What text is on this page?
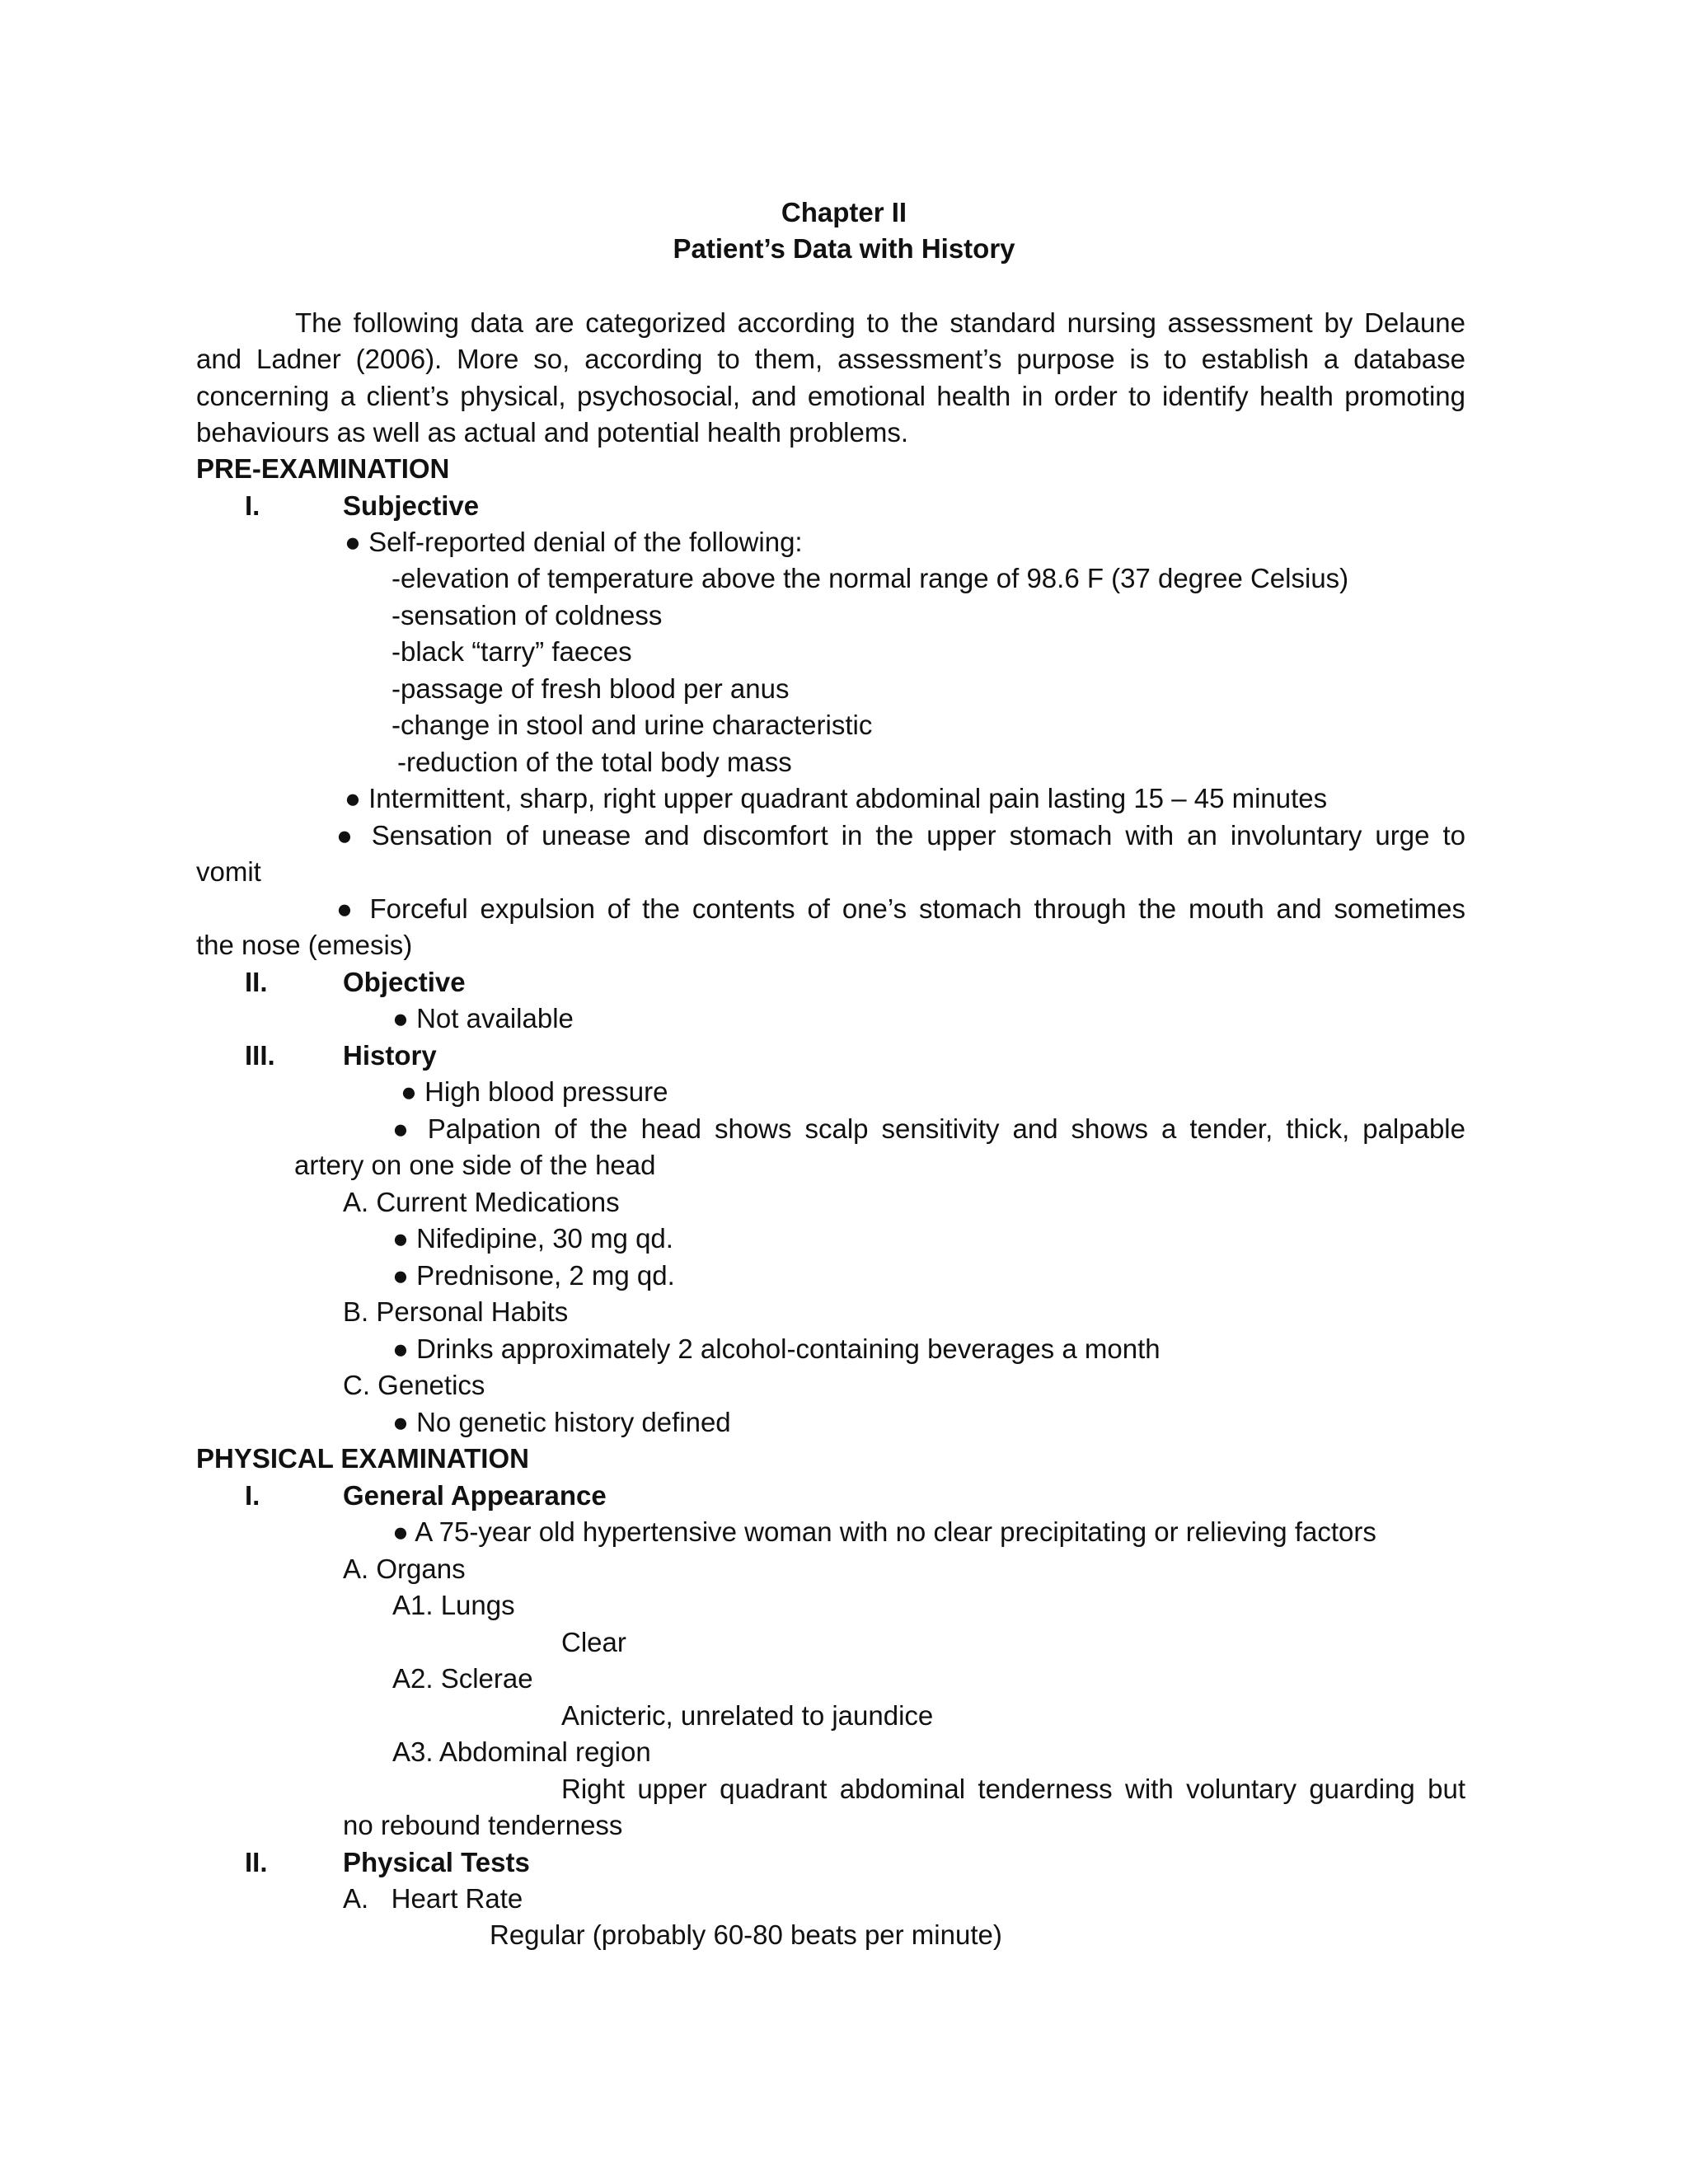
Chapter II
Patient’s Data with History
The following data are categorized according to the standard nursing assessment by Delaune and Ladner (2006). More so, according to them, assessment’s purpose is to establish a database concerning a client’s physical, psychosocial, and emotional health in order to identify health promoting behaviours as well as actual and potential health problems.
PRE-EXAMINATION
I.	Subjective
● Self-reported denial of the following:
-elevation of temperature above the normal range of 98.6 F (37 degree Celsius)
-sensation of coldness
-black “tarry” faeces
-passage of fresh blood per anus
-change in stool and urine characteristic
-reduction of the total body mass
● Intermittent, sharp, right upper quadrant abdominal pain lasting 15 – 45 minutes
● Sensation of unease and discomfort in the upper stomach with an involuntary urge to
vomit
● Forceful expulsion of the contents of one’s stomach through the mouth and sometimes
the nose (emesis)
II.	Objective
● Not available
III. History
● High blood pressure
● Palpation of the head shows scalp sensitivity and shows a tender, thick, palpable
artery on one side of the head
A. Current Medications
● Nifedipine, 30 mg qd.
● Prednisone, 2 mg qd.
B. Personal Habits
● Drinks approximately 2 alcohol-containing beverages a month
C. Genetics
● No genetic history defined
PHYSICAL EXAMINATION
I.	General Appearance
● A 75-year old hypertensive woman with no clear precipitating or relieving factors
A. Organs
A1. Lungs
Clear
A2. Sclerae
Anicteric, unrelated to jaundice
A3. Abdominal region
Right upper quadrant abdominal tenderness with voluntary guarding but
no rebound tenderness
II.	Physical Tests
A.   Heart Rate
Regular (probably 60-80 beats per minute)
